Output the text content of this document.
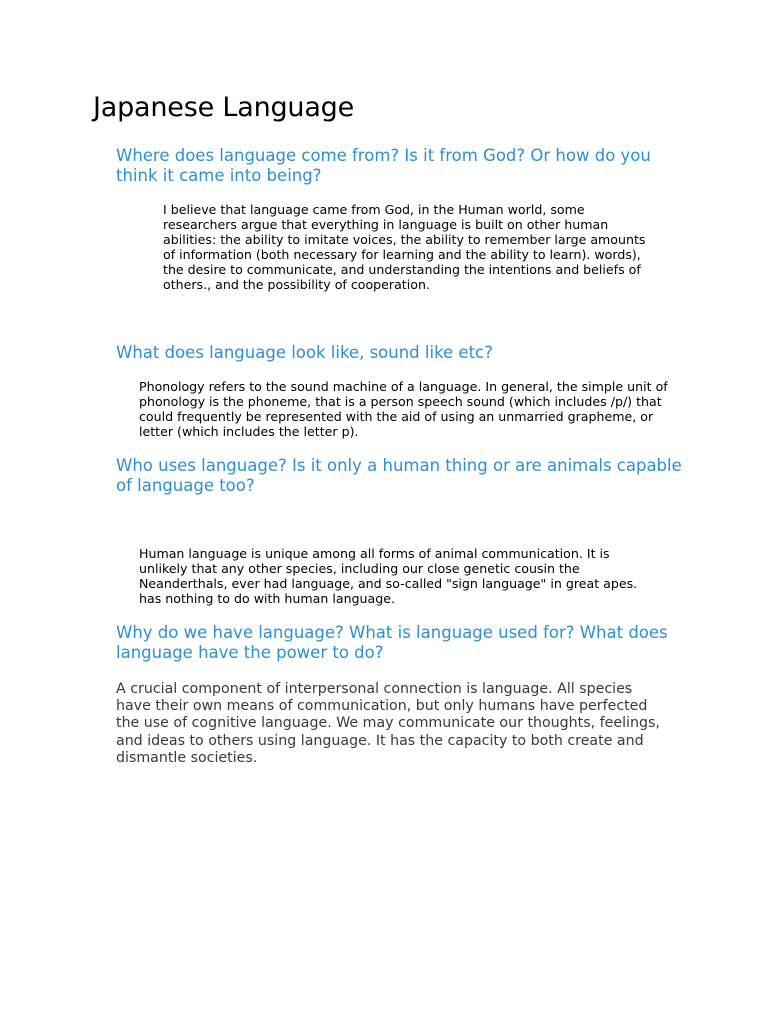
Japanese Language
Where does language come from? Is it from God? Or how do you think it came into being?

I believe that language came from God, in the Human world, some researchers argue that everything in language is built on other human abilities: the ability to imitate voices, the ability to remember large amounts of information (both necessary for learning and the ability to learn). words), the desire to communicate, and understanding the intentions and beliefs of others., and the possibility of cooperation.

What does language look like, sound like etc?

Phonology refers to the sound machine of a language. In general, the simple unit of phonology is the phoneme, that is a person speech sound (which includes /p/) that could frequently be represented with the aid of using an unmarried grapheme, or letter (which includes the letter p).

Who uses language? Is it only a human thing or are animals capable of language too?

Human language is unique among all forms of animal communication. It is unlikely that any other species, including our close genetic cousin the Neanderthals, ever had language, and so-called "sign language" in great apes. has nothing to do with human language.

Why do we have language? What is language used for? What does language have the power to do?

A crucial component of interpersonal connection is language. All species have their own means of communication, but only humans have perfected the use of cognitive language. We may communicate our thoughts, feelings, and ideas to others using language. It has the capacity to both create and dismantle societies.
